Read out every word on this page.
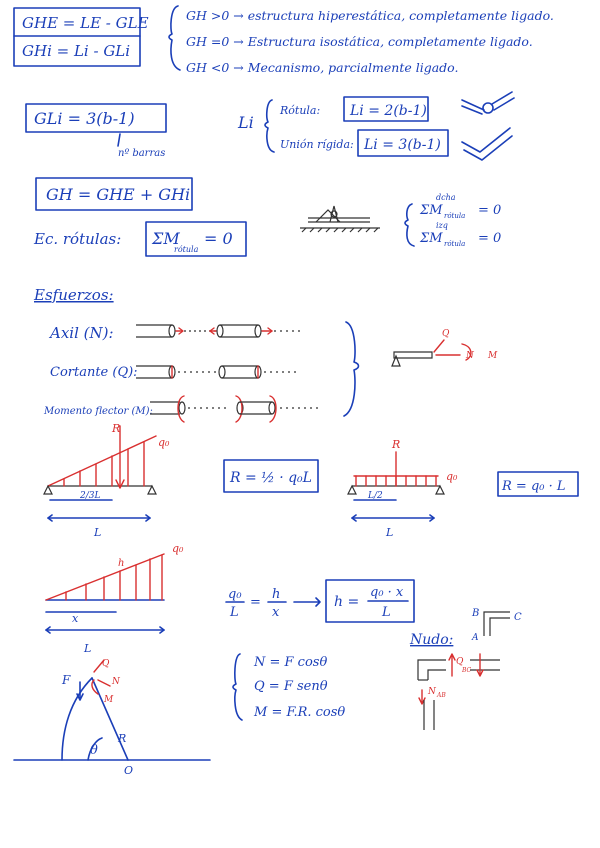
GHE = LE - GLE
GHi = Li - GLi
GH >0 → estructura hiperestática, completamente ligado.
GH =0 → Estructura isostática, completamente ligado.
GH <0 → Mecanismo, parcialmente ligado.
GLi = 3(b-1)
nº barras
Li
Rótula: Li = 2(b-1)
Unión rígida: Li = 3(b-1)
GH = GHE + GHi
Ec. rótulas: ΣM
rótula
= 0
dcha
ΣM rótula = 0
izq
ΣM rótula = 0
Esfuerzos:
Axil (N):
Cortante (Q):
Momento flector (M):
Q
N M
R
q₀
2/3L
L
R = ½ · q₀L
R
q₀
L/2
L
R = q₀ · L
h
q₀
x
L
q₀
L
=
h
x
h =
q₀ · x
L	B	C
A
Nudo:
Q
BC
N AB
F
Q
N
M
R
θ
O
N = F cosθ
Q = F senθ
M = F.R. cosθ
